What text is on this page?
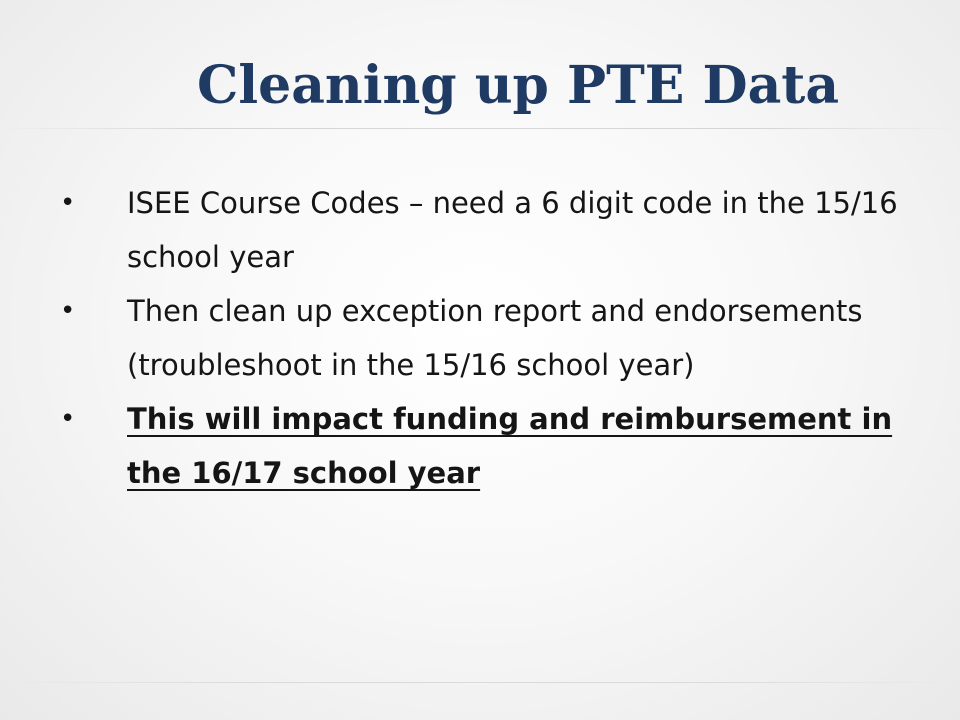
Cleaning up PTE Data
• ISEE Course Codes – need a 6 digit code in the 15/16 school year
• Then clean up exception report and endorsements (troubleshoot in the 15/16 school year)
• This will impact funding and reimbursement in the 16/17 school year
